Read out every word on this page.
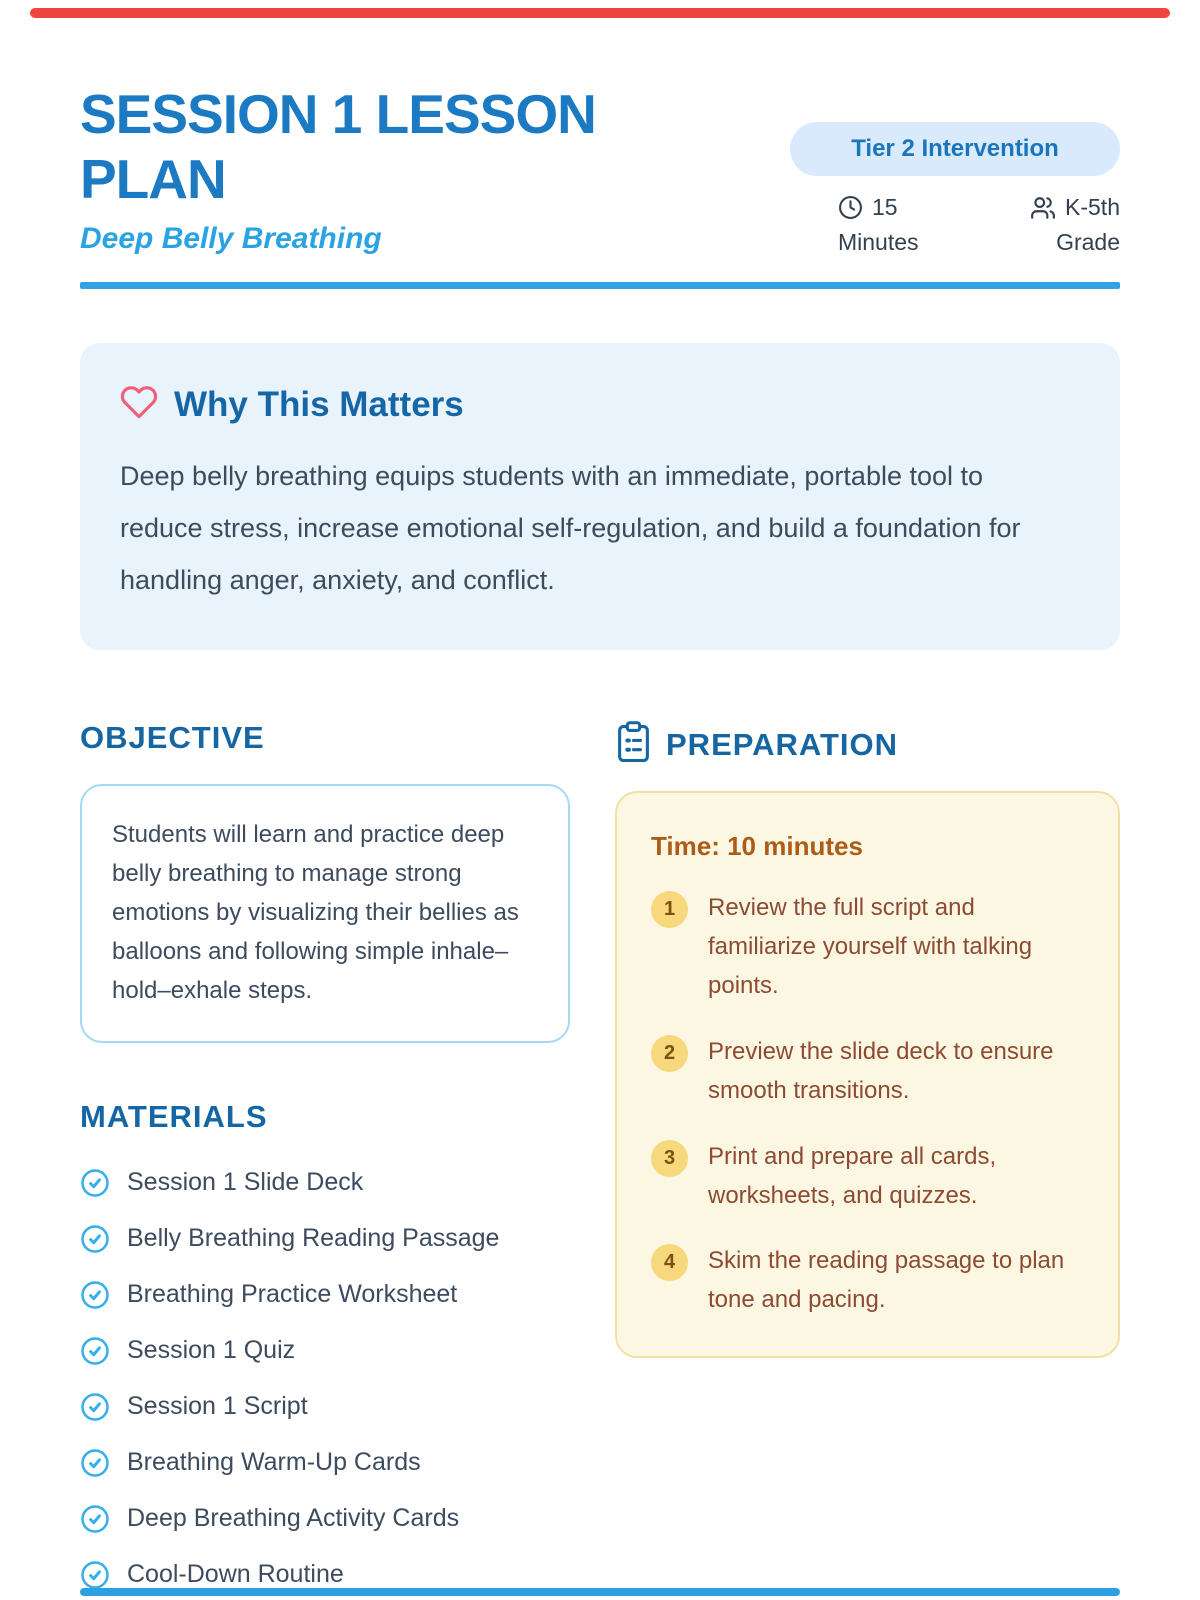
SESSION 1 LESSON PLAN
Deep Belly Breathing
Tier 2 Intervention
15
Minutes
K-5th
Grade
Why This Matters

Deep belly breathing equips students with an immediate, portable tool to reduce stress, increase emotional self-regulation, and build a foundation for handling anger, anxiety, and conflict.

OBJECTIVE

Students will learn and practice deep belly breathing to manage strong emotions by visualizing their bellies as balloons and following simple inhale–hold–exhale steps.

MATERIALS
Session 1 Slide Deck
Belly Breathing Reading Passage
Breathing Practice Worksheet
Session 1 Quiz
Session 1 Script
Breathing Warm-Up Cards
Deep Breathing Activity Cards
Cool-Down Routine
PREPARATION
Time: 10 minutes
1	Review the full script and familiarize yourself with talking points.
2	Preview the slide deck to ensure smooth transitions.
3	Print and prepare all cards, worksheets, and quizzes.
4	Skim the reading passage to plan tone and pacing.
